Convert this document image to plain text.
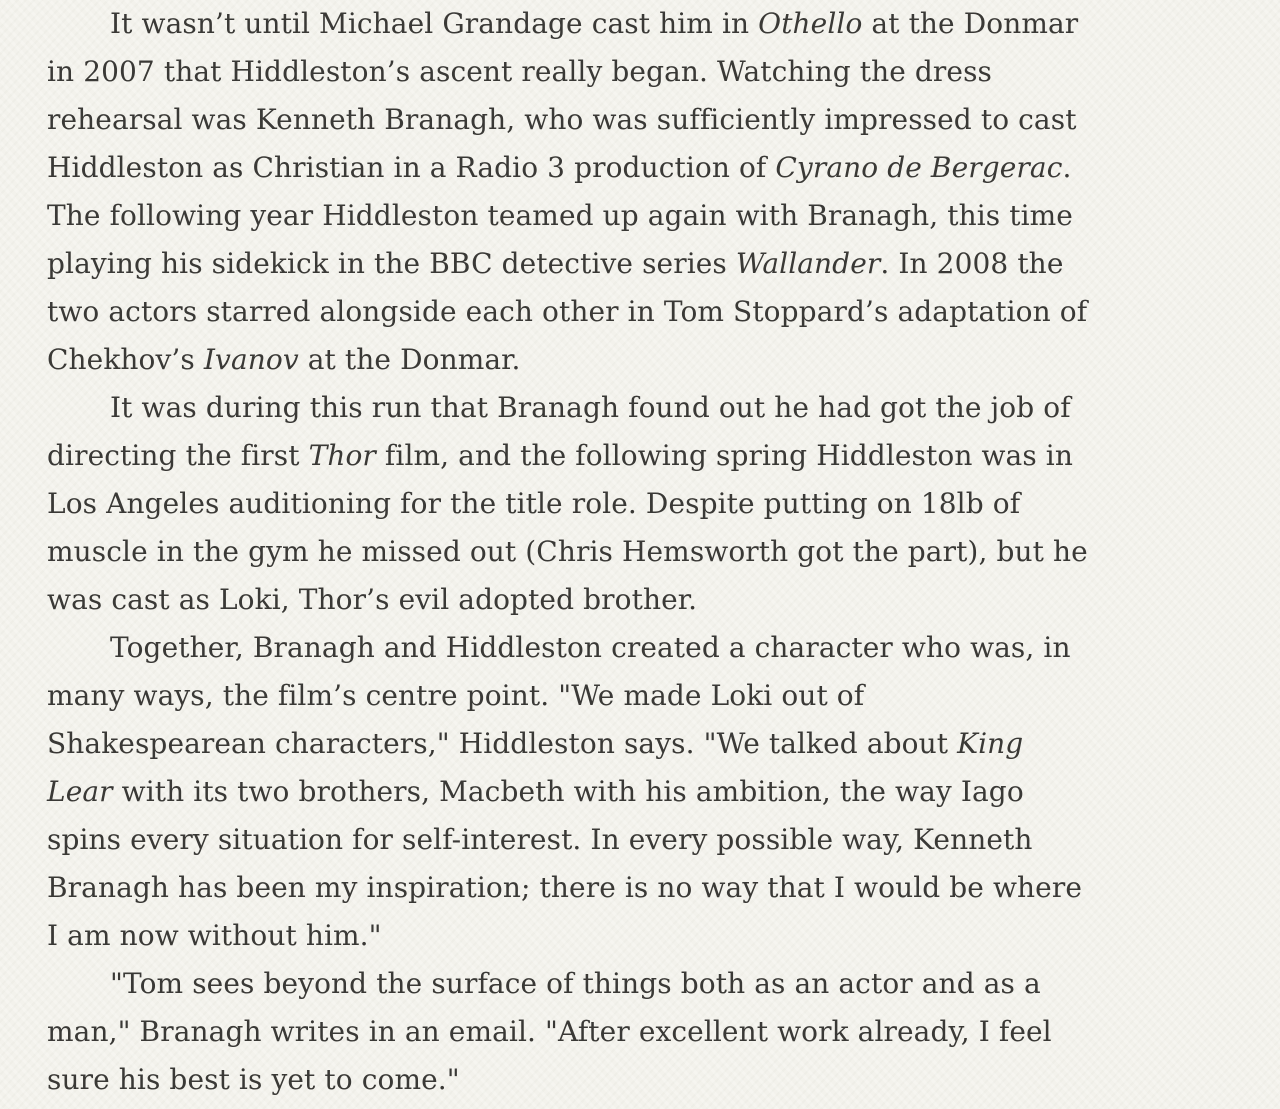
It wasn’t until Michael Grandage cast him in Othello at the Donmar
in 2007 that Hiddleston’s ascent really began. Watching the dress
rehearsal was Kenneth Branagh, who was sufficiently impressed to cast
Hiddleston as Christian in a Radio 3 production of Cyrano de Bergerac.
The following year Hiddleston teamed up again with Branagh, this time
playing his sidekick in the BBC detective series Wallander. In 2008 the
two actors starred alongside each other in Tom Stoppard’s adaptation of
Chekhov’s Ivanov at the Donmar.

It was during this run that Branagh found out he had got the job of
directing the first Thor film, and the following spring Hiddleston was in
Los Angeles auditioning for the title role. Despite putting on 18lb of
muscle in the gym he missed out (Chris Hemsworth got the part), but he
was cast as Loki, Thor’s evil adopted brother.

Together, Branagh and Hiddleston created a character who was, in
many ways, the film’s centre point. "We made Loki out of
Shakespearean characters," Hiddleston says. "We talked about King
Lear with its two brothers, Macbeth with his ambition, the way Iago
spins every situation for self-interest. In every possible way, Kenneth
Branagh has been my inspiration; there is no way that I would be where
I am now without him."

"Tom sees beyond the surface of things both as an actor and as a
man," Branagh writes in an email. "After excellent work already, I feel
sure his best is yet to come."
